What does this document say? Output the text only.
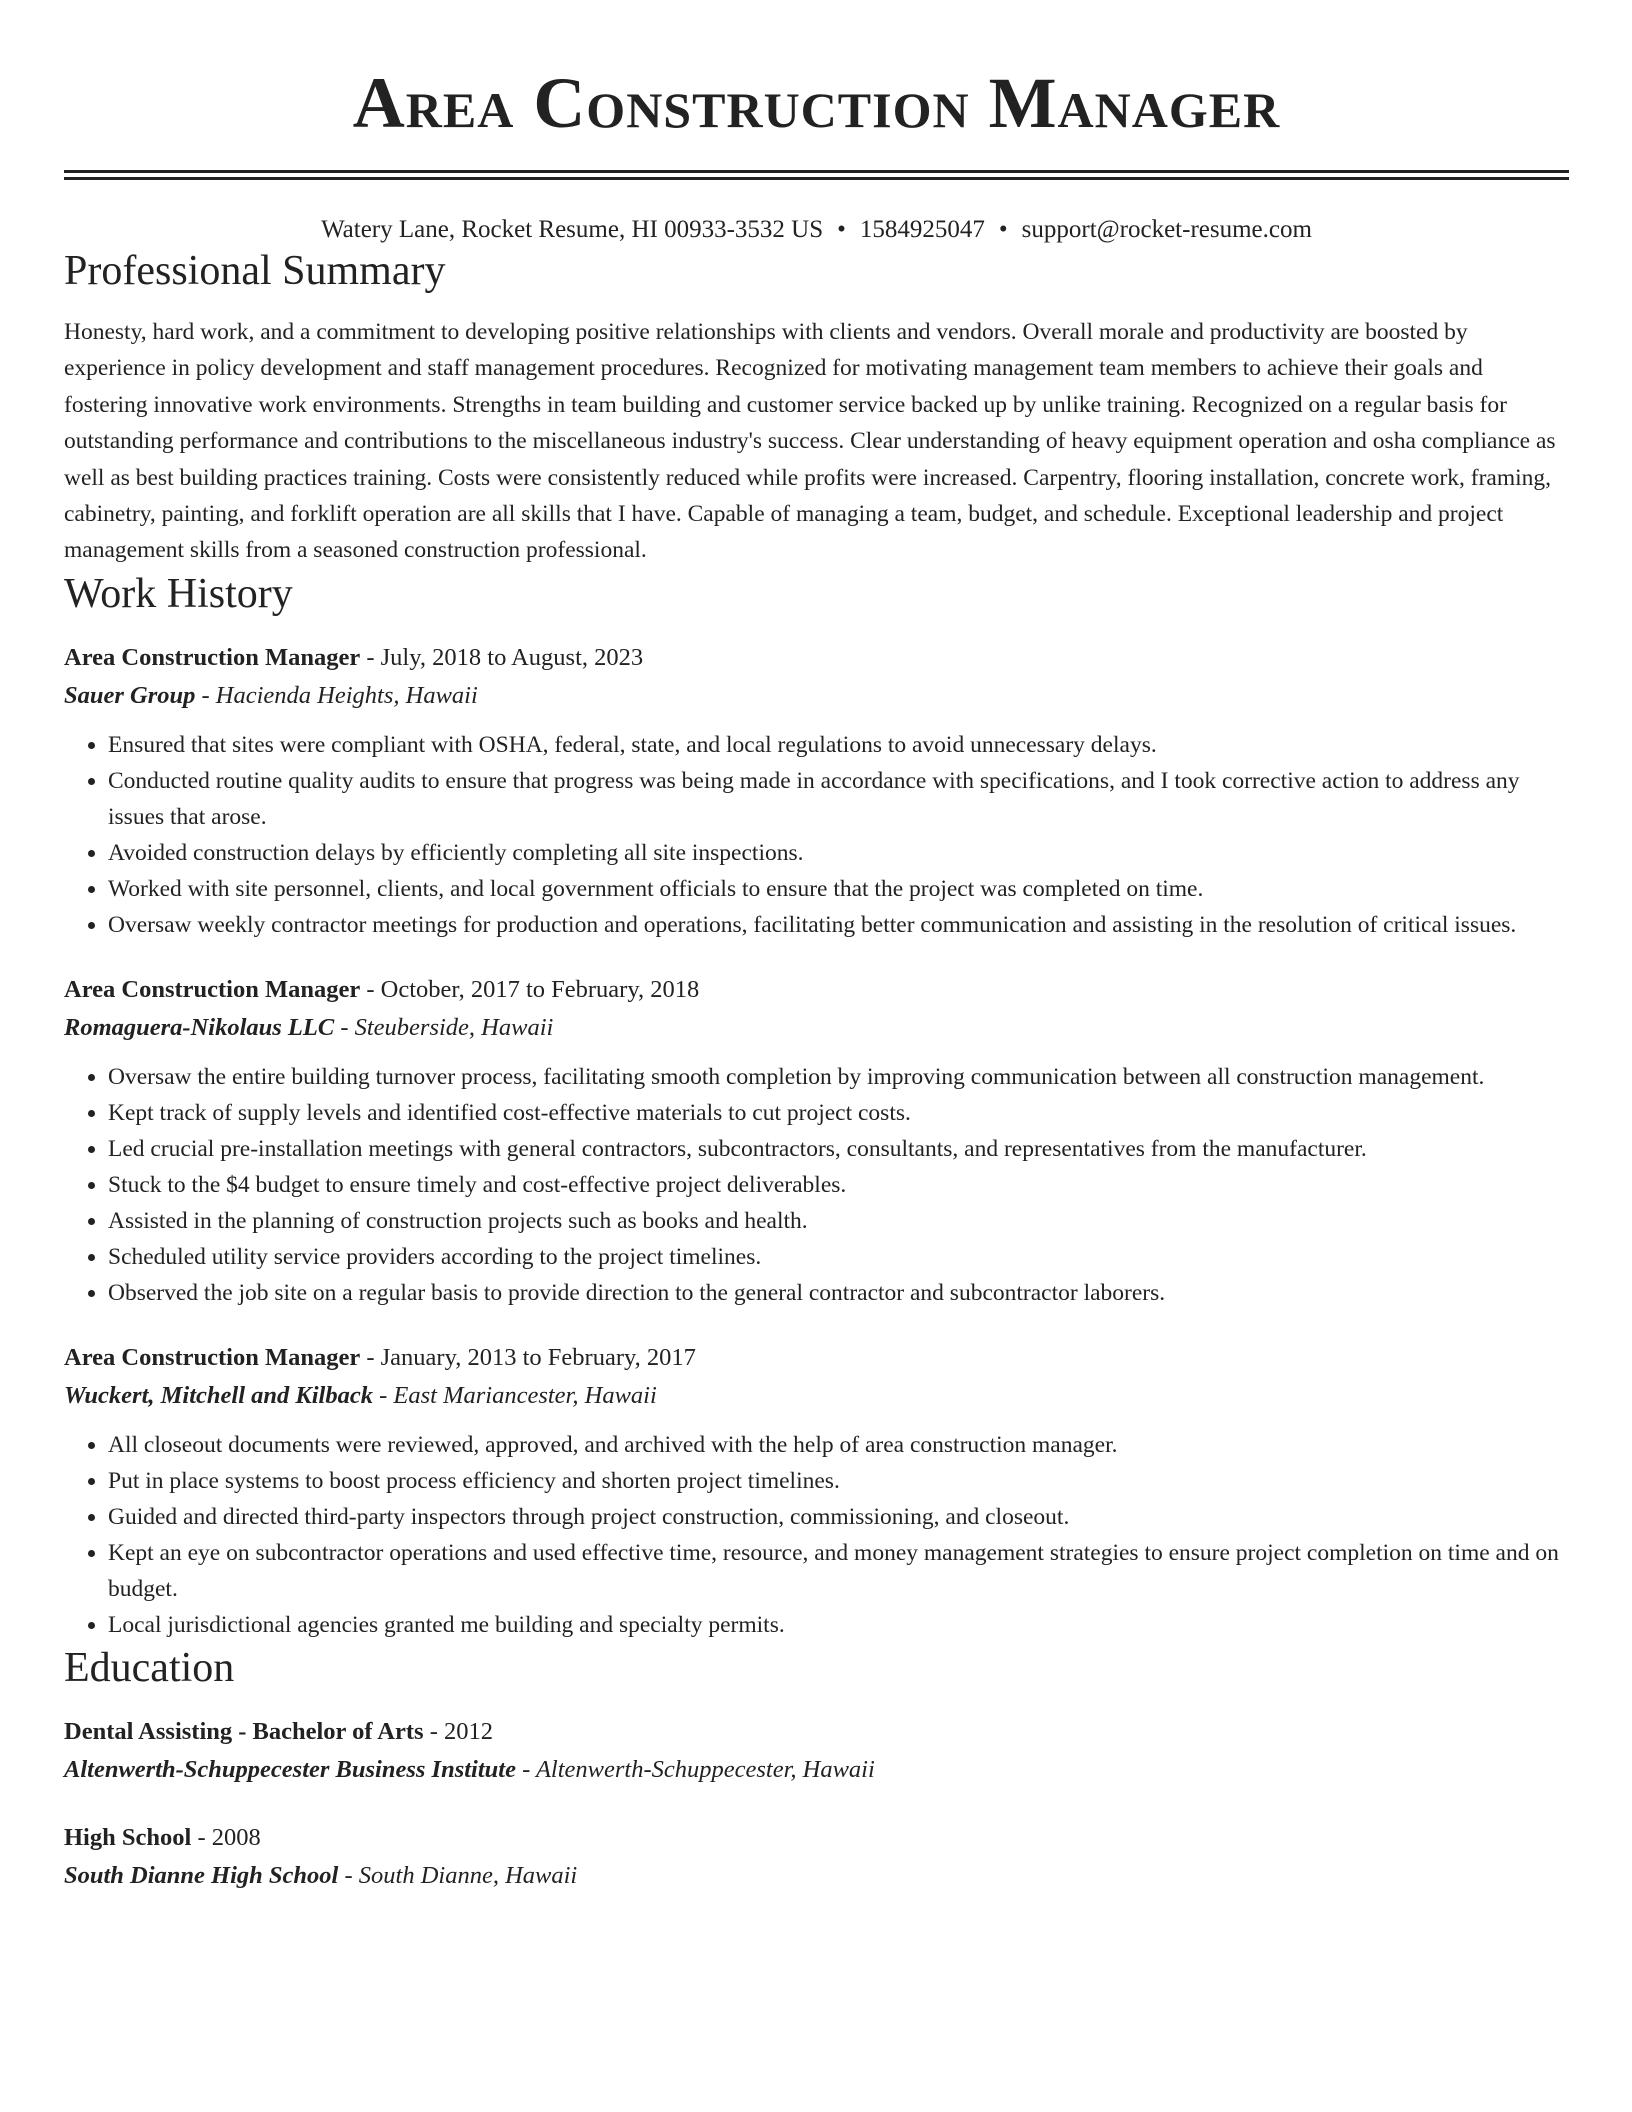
Area Construction Manager
Watery Lane, Rocket Resume, HI 00933-3532 US • 1584925047 • support@rocket-resume.com
Professional Summary
Honesty, hard work, and a commitment to developing positive relationships with clients and vendors. Overall morale and productivity are boosted by experience in policy development and staff management procedures. Recognized for motivating management team members to achieve their goals and fostering innovative work environments. Strengths in team building and customer service backed up by unlike training. Recognized on a regular basis for outstanding performance and contributions to the miscellaneous industry's success. Clear understanding of heavy equipment operation and osha compliance as well as best building practices training. Costs were consistently reduced while profits were increased. Carpentry, flooring installation, concrete work, framing, cabinetry, painting, and forklift operation are all skills that I have. Capable of managing a team, budget, and schedule. Exceptional leadership and project management skills from a seasoned construction professional.
Work History
Area Construction Manager - July, 2018 to August, 2023
Sauer Group - Hacienda Heights, Hawaii
• Ensured that sites were compliant with OSHA, federal, state, and local regulations to avoid unnecessary delays.
• Conducted routine quality audits to ensure that progress was being made in accordance with specifications, and I took corrective action to address any issues that arose.
• Avoided construction delays by efficiently completing all site inspections.
• Worked with site personnel, clients, and local government officials to ensure that the project was completed on time.
• Oversaw weekly contractor meetings for production and operations, facilitating better communication and assisting in the resolution of critical issues.
Area Construction Manager - October, 2017 to February, 2018
Romaguera-Nikolaus LLC - Steuberside, Hawaii
• Oversaw the entire building turnover process, facilitating smooth completion by improving communication between all construction management.
• Kept track of supply levels and identified cost-effective materials to cut project costs.
• Led crucial pre-installation meetings with general contractors, subcontractors, consultants, and representatives from the manufacturer.
• Stuck to the $4 budget to ensure timely and cost-effective project deliverables.
• Assisted in the planning of construction projects such as books and health.
• Scheduled utility service providers according to the project timelines.
• Observed the job site on a regular basis to provide direction to the general contractor and subcontractor laborers.
Area Construction Manager - January, 2013 to February, 2017
Wuckert, Mitchell and Kilback - East Mariancester, Hawaii
• All closeout documents were reviewed, approved, and archived with the help of area construction manager.
• Put in place systems to boost process efficiency and shorten project timelines.
• Guided and directed third-party inspectors through project construction, commissioning, and closeout.
• Kept an eye on subcontractor operations and used effective time, resource, and money management strategies to ensure project completion on time and on budget.
• Local jurisdictional agencies granted me building and specialty permits.
Education
Dental Assisting - Bachelor of Arts - 2012
Altenwerth-Schuppecester Business Institute - Altenwerth-Schuppecester, Hawaii
High School - 2008
South Dianne High School - South Dianne, Hawaii
